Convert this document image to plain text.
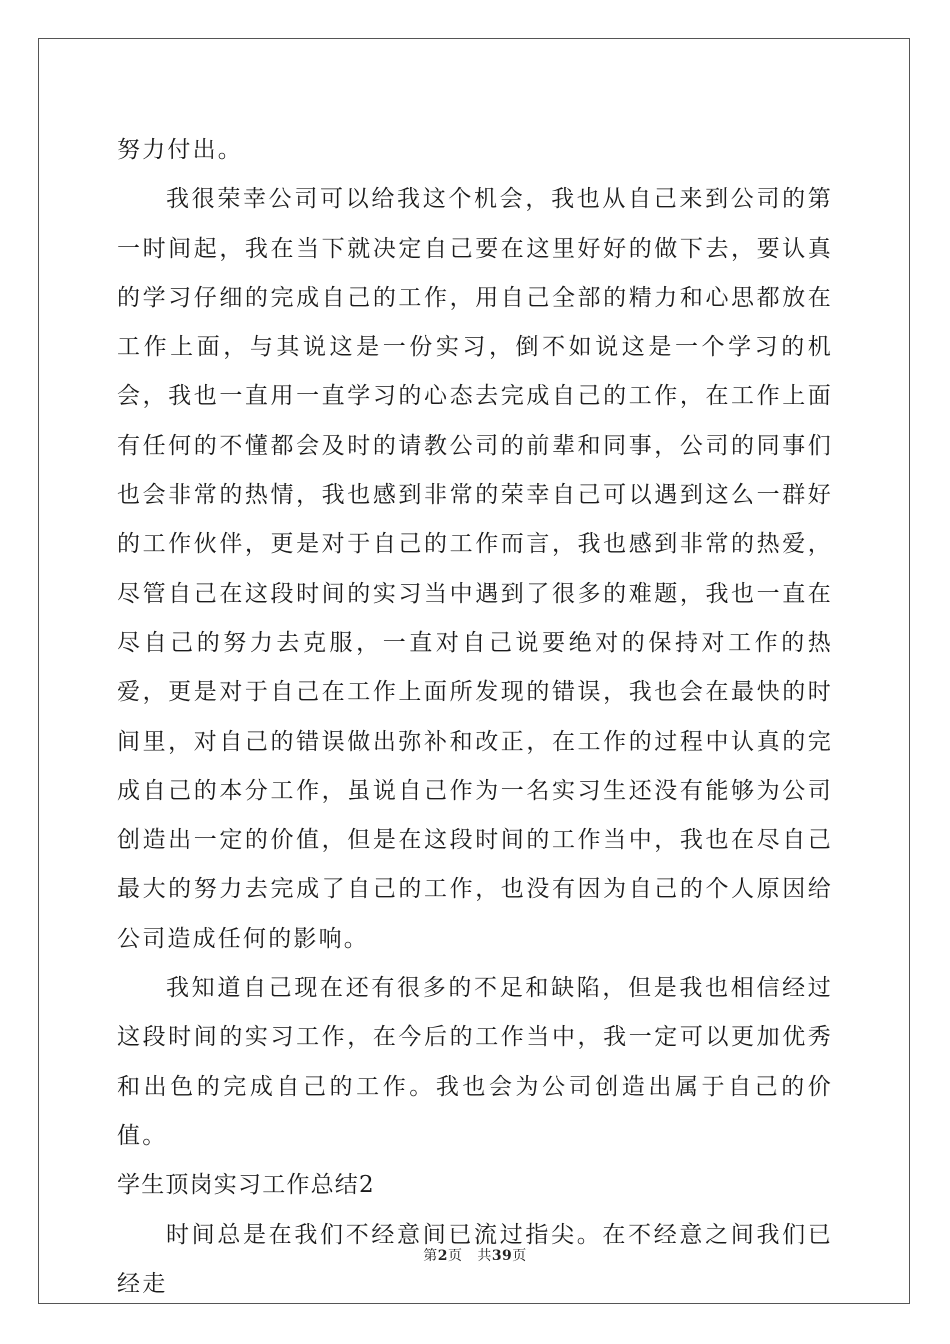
努力付出。

我很荣幸公司可以给我这个机会，我也从自己来到公司的第一时间起，我在当下就决定自己要在这里好好的做下去，要认真的学习仔细的完成自己的工作，用自己全部的精力和心思都放在工作上面，与其说这是一份实习，倒不如说这是一个学习的机会，我也一直用一直学习的心态去完成自己的工作，在工作上面有任何的不懂都会及时的请教公司的前辈和同事，公司的同事们也会非常的热情，我也感到非常的荣幸自己可以遇到这么一群好的工作伙伴，更是对于自己的工作而言，我也感到非常的热爱，尽管自己在这段时间的实习当中遇到了很多的难题，我也一直在尽自己的努力去克服，一直对自己说要绝对的保持对工作的热爱，更是对于自己在工作上面所发现的错误，我也会在最快的时间里，对自己的错误做出弥补和改正，在工作的过程中认真的完成自己的本分工作，虽说自己作为一名实习生还没有能够为公司创造出一定的价值，但是在这段时间的工作当中，我也在尽自己最大的努力去完成了自己的工作，也没有因为自己的个人原因给公司造成任何的影响。

我知道自己现在还有很多的不足和缺陷，但是我也相信经过这段时间的实习工作，在今后的工作当中，我一定可以更加优秀和出色的完成自己的工作。我也会为公司创造出属于自己的价值。

学生顶岗实习工作总结2

时间总是在我们不经意间已流过指尖。在不经意之间我们已经走

第2页 共39页
